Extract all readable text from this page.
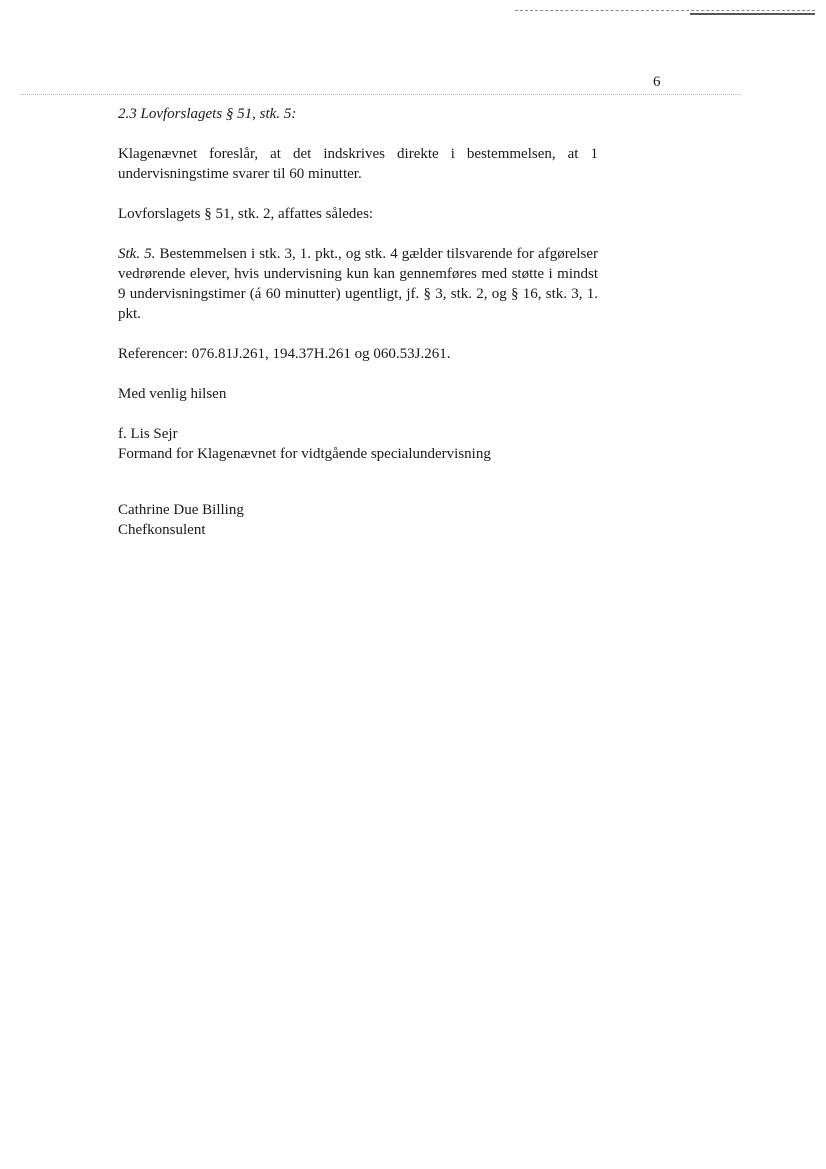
6

2.3 Lovforslagets § 51, stk. 5:

Klagenævnet foreslår, at det indskrives direkte i bestemmelsen, at 1 undervisningstime svarer til 60 minutter.

Lovforslagets § 51, stk. 2, affattes således:

Stk. 5. Bestemmelsen i stk. 3, 1. pkt., og stk. 4 gælder tilsvarende for afgørelser vedrørende elever, hvis undervisning kun kan gennemføres med støtte i mindst 9 undervisningstimer (á 60 minutter) ugentligt, jf. § 3, stk. 2, og § 16, stk. 3, 1. pkt.

Referencer: 076.81J.261, 194.37H.261 og 060.53J.261.

Med venlig hilsen

f. Lis Sejr
Formand for Klagenævnet for vidtgående specialundervisning
Cathrine Due Billing
Chefkonsulent
